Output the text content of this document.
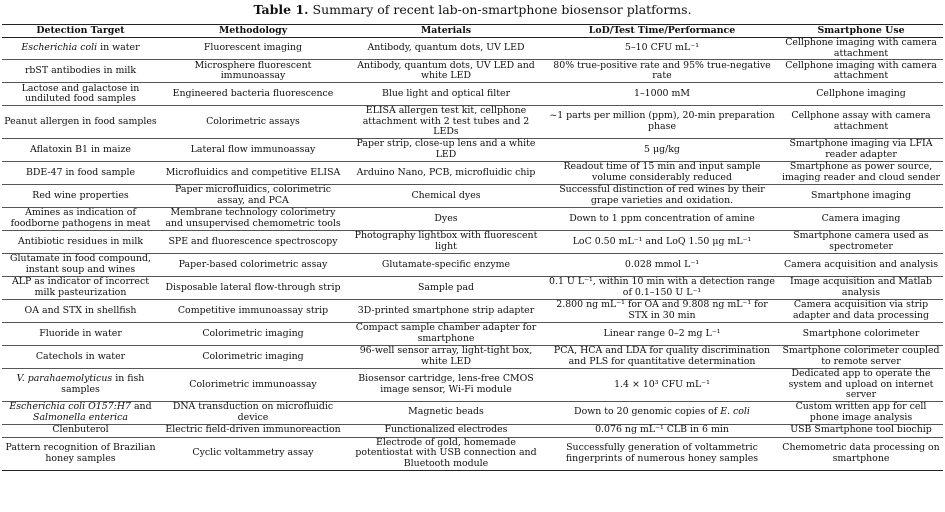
Table 1. Summary of recent lab-on-smartphone biosensor platforms.
Detection Target	Methodology	Materials	LoD/Test Time/Performance	Smartphone Use
Escherichia coli in water	Fluorescent imaging	Antibody, quantum dots, UV LED	5–10 CFU mL⁻¹	Cellphone imaging with camera attachment
rbST antibodies in milk	Microsphere fluorescent immunoassay	Antibody, quantum dots, UV LED and white LED	80% true-positive rate and 95% true-negative rate	Cellphone imaging with camera attachment
Lactose and galactose in undiluted food samples	Engineered bacteria fluorescence	Blue light and optical filter	1–1000 mM	Cellphone imaging
Peanut allergen in food samples	Colorimetric assays	ELISA allergen test kit, cellphone attachment with 2 test tubes and 2 LEDs	~1 parts per million (ppm), 20-min preparation phase	Cellphone assay with camera attachment
Aflatoxin B1 in maize	Lateral flow immunoassay	Paper strip, close-up lens and a white LED	5 μg/kg	Smartphone imaging via LFIA reader adapter
BDE-47 in food sample	Microfluidics and competitive ELISA	Arduino Nano, PCB, microfluidic chip	Readout time of 15 min and input sample volume considerably reduced	Smartphone as power source, imaging reader and cloud sender
Red wine properties	Paper microfluidics, colorimetric assay, and PCA	Chemical dyes	Successful distinction of red wines by their grape varieties and oxidation.	Smartphone imaging
Amines as indication of foodborne pathogens in meat	Membrane technology colorimetry and unsupervised chemometric tools	Dyes	Down to 1 ppm concentration of amine	Camera imaging
Antibiotic residues in milk	SPE and fluorescence spectroscopy	Photography lightbox with fluorescent light	LoC 0.50 mL⁻¹ and LoQ 1.50 μg mL⁻¹	Smartphone camera used as spectrometer
Glutamate in food compound, instant soup and wines	Paper-based colorimetric assay	Glutamate-specific enzyme	0.028 mmol L⁻¹	Camera acquisition and analysis
ALP as indicator of incorrect milk pasteurization	Disposable lateral flow-through strip	Sample pad	0.1 U L⁻¹, within 10 min with a detection range of 0.1–150 U L⁻¹	Image acquisition and Matlab analysis
OA and STX in shellfish	Competitive immunoassay strip	3D-printed smartphone strip adapter	2.800 ng mL⁻¹ for OA and 9.808 ng mL⁻¹ for STX in 30 min	Camera acquisition via strip adapter and data processing
Fluoride in water	Colorimetric imaging	Compact sample chamber adapter for smartphone	Linear range 0–2 mg L⁻¹	Smartphone colorimeter
Catechols in water	Colorimetric imaging	96-well sensor array, light-tight box, white LED	PCA, HCA and LDA for quality discrimination and PLS for quantitative determination	Smartphone colorimeter coupled to remote server
V. parahaemolyticus in fish samples	Colorimetric immunoassay	Biosensor cartridge, lens-free CMOS image sensor, Wi-Fi module	1.4 × 10³ CFU mL⁻¹	Dedicated app to operate the system and upload on internet server
Escherichia coli O157:H7 and Salmonella enterica	DNA transduction on microfluidic device	Magnetic beads	Down to 20 genomic copies of E. coli	Custom written app for cell phone image analysis
Clenbuterol	Electric field-driven immunoreaction	Functionalized electrodes	0.076 ng mL⁻¹ CLB in 6 min	USB Smartphone tool biochip
Pattern recognition of Brazilian honey samples	Cyclic voltammetry assay	Electrode of gold, homemade potentiostat with USB connection and Bluetooth module	Successfully generation of voltammetric fingerprints of numerous honey samples	Chemometric data processing on smartphone
